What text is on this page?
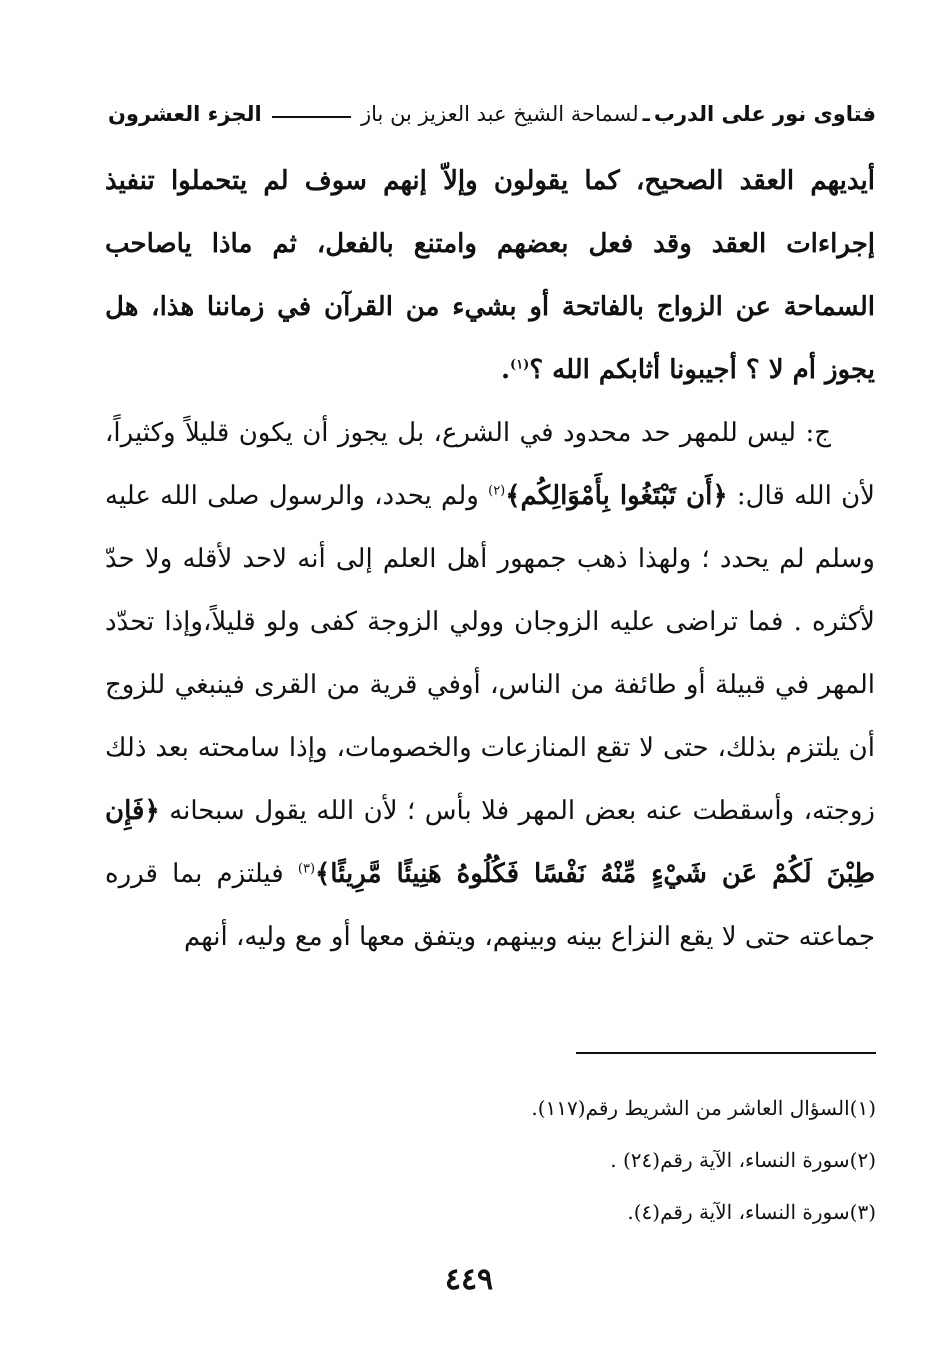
فتاوى نور على الدرب
ـ
لسماحة الشيخ عبد العزيز بن باز
الجزء العشرون

أيديهم العقد الصحيح، كما يقولون وإلاّ إنهم سوف لم يتحملوا تنفيذ إجراءات العقد وقد فعل بعضهم وامتنع بالفعل، ثم ماذا ياصاحب السماحة عن الزواج بالفاتحة أو بشيء من القرآن في زماننا هذا، هل يجوز أم لا ؟ أجيبونا أثابكم الله ؟$^{(١)}$.

ج: ليس للمهر حد محدود في الشرع، بل يجوز أن يكون قليلاً وكثيراً، لأن الله قال: ﴿أَن تَبْتَغُوا بِأَمْوَالِكُم﴾$^{(٢)}$ ولم يحدد، والرسول صلى الله عليه وسلم لم يحدد ؛ ولهذا ذهب جمهور أهل العلم إلى أنه لاحد لأقله ولا حدّ لأكثره . فما تراضى عليه الزوجان وولي الزوجة كفى ولو قليلاً،وإذا تحدّد المهر في قبيلة أو طائفة من الناس، أوفي قرية من القرى فينبغي للزوج أن يلتزم بذلك، حتى لا تقع المنازعات والخصومات، وإذا سامحته بعد ذلك زوجته، وأسقطت عنه بعض المهر فلا بأس ؛ لأن الله يقول سبحانه ﴿فَإِن طِبْنَ لَكُمْ عَن شَيْءٍ مِّنْهُ نَفْسًا فَكُلُوهُ هَنِيئًا مَّرِيئًا﴾$^{(٣)}$ فيلتزم بما قرره جماعته حتى لا يقع النزاع بينه وبينهم، ويتفق معها أو مع وليه، أنهم

(١)السؤال العاشر من الشريط رقم(١١٧).
(٢)سورة النساء، الآية رقم(٢٤) .
(٣)سورة النساء، الآية رقم(٤).
٤٤٩
